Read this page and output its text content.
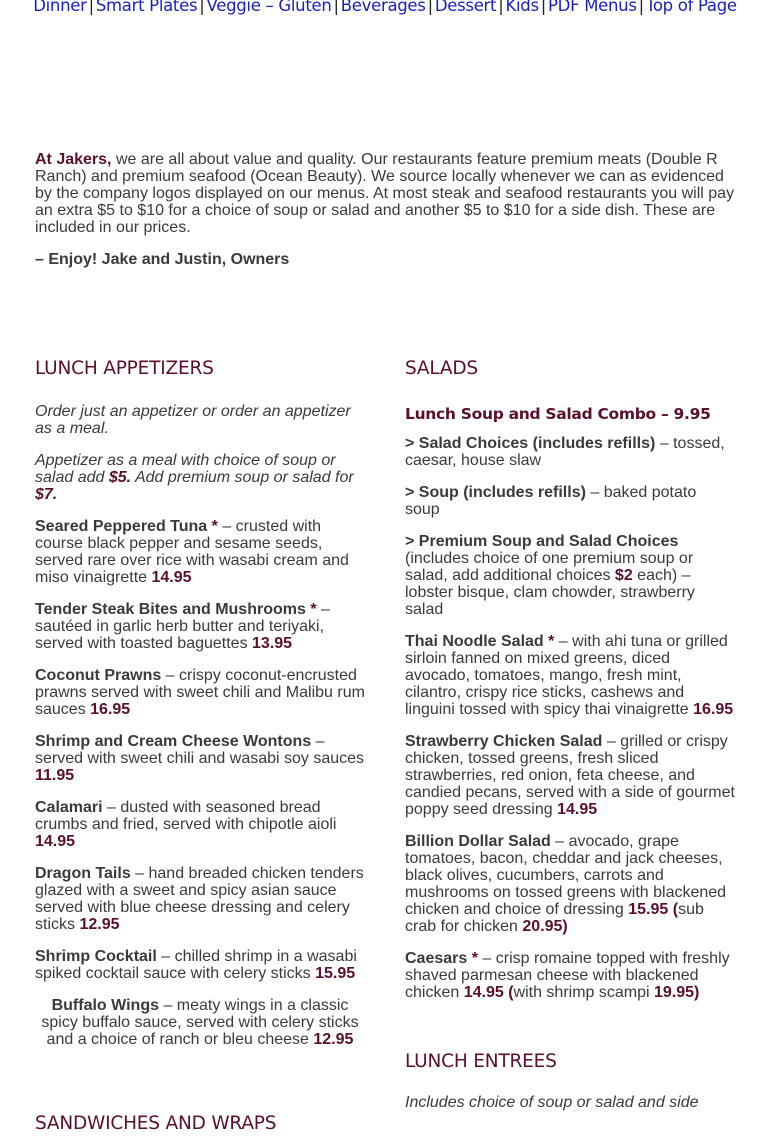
Dinner | Smart Plates | Veggie – Gluten | Beverages | Dessert | Kids | PDF Menus | Top of Page

At Jakers, we are all about value and quality. Our restaurants feature premium meats (Double R Ranch) and premium seafood (Ocean Beauty). We source locally whenever we can as evidenced by the company logos displayed on our menus. At most steak and seafood restaurants you will pay an extra $5 to $10 for a choice of soup or salad and another $5 to $10 for a side dish. These are included in our prices.

– Enjoy! Jake and Justin, Owners

LUNCH APPETIZERS

Order just an appetizer or order an appetizer as a meal.

Appetizer as a meal with choice of soup or salad add $5. Add premium soup or salad for $7.

Seared Peppered Tuna * – crusted with course black pepper and sesame seeds, served rare over rice with wasabi cream and miso vinaigrette 14.95

Tender Steak Bites and Mushrooms * – sautéed in garlic herb butter and teriyaki, served with toasted baguettes 13.95

Coconut Prawns – crispy coconut-encrusted prawns served with sweet chili and Malibu rum sauces 16.95

Shrimp and Cream Cheese Wontons – served with sweet chili and wasabi soy sauces 11.95

Calamari – dusted with seasoned bread crumbs and fried, served with chipotle aioli 14.95

Dragon Tails – hand breaded chicken tenders glazed with a sweet and spicy asian sauce served with blue cheese dressing and celery sticks 12.95

Shrimp Cocktail – chilled shrimp in a wasabi spiked cocktail sauce with celery sticks 15.95

Buffalo Wings – meaty wings in a classic spicy buffalo sauce, served with celery sticks and a choice of ranch or bleu cheese 12.95

SANDWICHES AND WRAPS
SALADS
Lunch Soup and Salad Combo – 9.95

> Salad Choices (includes refills) – tossed, caesar, house slaw

> Soup (includes refills) – baked potato soup

> Premium Soup and Salad Choices (includes choice of one premium soup or salad, add additional choices $2 each) – lobster bisque, clam chowder, strawberry salad

Thai Noodle Salad * – with ahi tuna or grilled sirloin fanned on mixed greens, diced avocado, tomatoes, mango, fresh mint, cilantro, crispy rice sticks, cashews and linguini tossed with spicy thai vinaigrette 16.95

Strawberry Chicken Salad – grilled or crispy chicken, tossed greens, fresh sliced strawberries, red onion, feta cheese, and candied pecans, served with a side of gourmet poppy seed dressing 14.95

Billion Dollar Salad – avocado, grape tomatoes, bacon, cheddar and jack cheeses, black olives, cucumbers, carrots and mushrooms on tossed greens with blackened chicken and choice of dressing 15.95 (sub crab for chicken 20.95)

Caesars * – crisp romaine topped with freshly shaved parmesan cheese with blackened chicken 14.95 (with shrimp scampi 19.95)

LUNCH ENTREES

Includes choice of soup or salad and side
